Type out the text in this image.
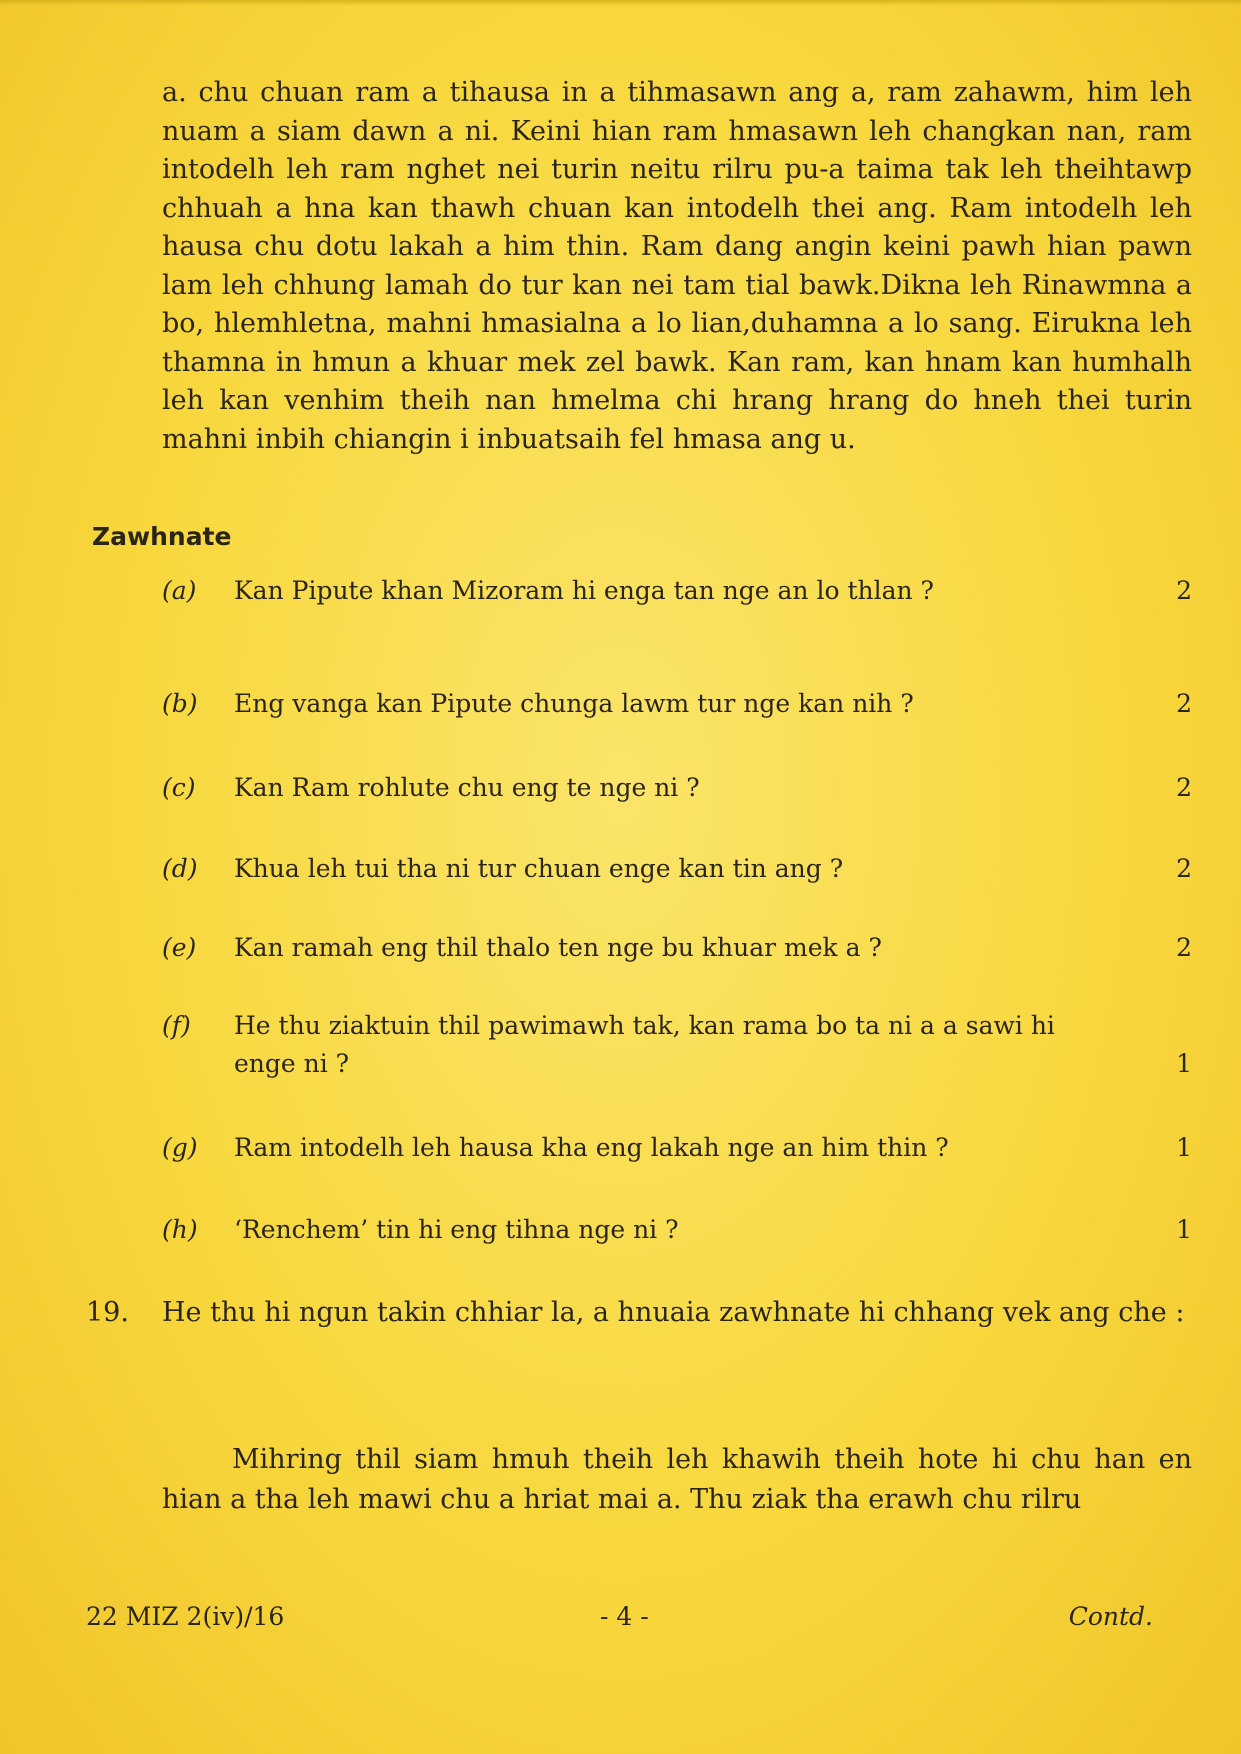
a. chu chuan ram a tihausa in a tihmasawn ang a, ram zahawm, him leh nuam a siam dawn a ni. Keini hian ram hmasawn leh changkan nan, ram intodelh leh ram nghet nei turin neitu rilru pu-a taima tak leh theihtawp chhuah a hna kan thawh chuan kan intodelh thei ang. Ram intodelh leh hausa chu dotu lakah a him thin. Ram dang angin keini pawh hian pawn lam leh chhung lamah do tur kan nei tam tial bawk.Dikna leh Rinawmna a bo, hlemhletna, mahni hmasialna a lo lian,duhamna a lo sang. Eirukna leh thamna in hmun a khuar mek zel bawk. Kan ram, kan hnam kan humhalh leh kan venhim theih nan hmelma chi hrang hrang do hneh thei turin mahni inbih chiangin i inbuatsaih fel hmasa ang u.

Zawhnate
(a) Kan Pipute khan Mizoram hi enga tan nge an lo thlan ?	2
(b) Eng vanga kan Pipute chunga lawm tur nge kan nih ?	2
(c) Kan Ram rohlute chu eng te nge ni ?	2
(d) Khua leh tui tha ni tur chuan enge kan tin ang ?	2
(e) Kan ramah eng thil thalo ten nge bu khuar mek a ?	2
(f) He thu ziaktuin thil pawimawh tak, kan rama bo ta ni a a sawi hi enge ni ?	1
(g) Ram intodelh leh hausa kha eng lakah nge an him thin ?	1
(h) ‘Renchem’ tin hi eng tihna nge ni ?	1
19. He thu hi ngun takin chhiar la, a hnuaia zawhnate hi chhang vek ang che :
Mihring thil siam hmuh theih leh khawih theih hote hi chu han en hian a tha leh mawi chu a hriat mai a. Thu ziak tha erawh chu rilru
22 MIZ 2(iv)/16	- 4 -	Contd.
